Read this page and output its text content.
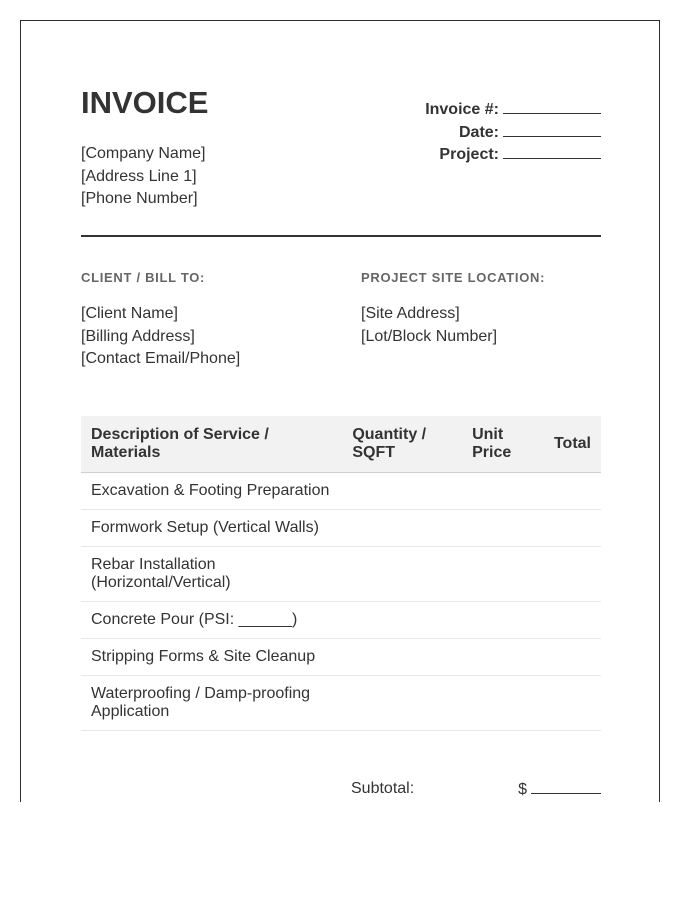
INVOICE
[Company Name]
[Address Line 1]
[Phone Number]
Invoice #:
Date:
Project:
CLIENT / BILL TO:	PROJECT SITE LOCATION:
[Client Name]
[Billing Address]
[Contact Email/Phone]
[Site Address]
[Lot/Block Number]
Description of Service / Materials	Quantity / SQFT	Unit Price	Total
Excavation & Footing Preparation			
Formwork Setup (Vertical Walls)			
Rebar Installation (Horizontal/Vertical)			
Concrete Pour (PSI: ______)			
Stripping Forms & Site Cleanup			
Waterproofing / Damp-proofing Application			
Subtotal:	$
